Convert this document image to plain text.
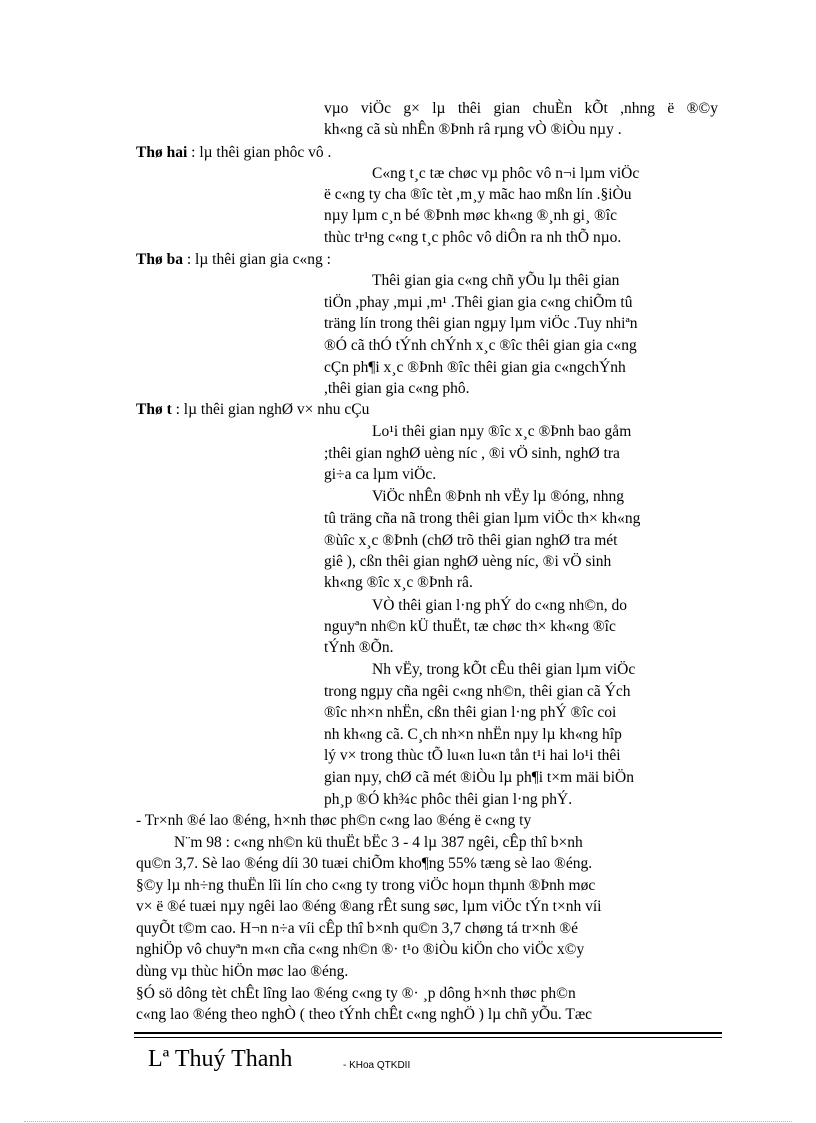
vµo viÖc g× lµ thêi gian chuÈn kÕt ,nhng ë ®©y
kh«ng cã sù nhÊn ®Þnh râ rµng vÒ ®iÒu nµy .
Thø hai : lµ thêi gian phôc vô .
C«ng t¸c tæ chøc vµ phôc vô n¬i lµm viÖc
ë c«ng ty cha ®îc tèt ,m¸y mãc hao mßn lín .§iÒu
nµy lµm c¸n bé ®Þnh møc kh«ng ®¸nh gi¸ ®îc
thùc tr¹ng c«ng t¸c phôc vô diÔn ra nh thÕ nµo.
Thø ba : lµ thêi gian gia c«ng :
Thêi gian gia c«ng chñ yÕu lµ thêi gian
tiÖn ,phay ,mµi ,m¹ .Thêi gian gia c«ng chiÕm tû
träng lín trong thêi gian ngµy lµm viÖc .Tuy nhiªn
®Ó cã thÓ tÝnh chÝnh x¸c ®îc thêi gian gia c«ng
cÇn ph¶i x¸c ®Þnh ®îc thêi gian gia c«ngchÝnh
,thêi gian gia c«ng phô.
Thø t : lµ thêi gian nghØ v× nhu cÇu
Lo¹i thêi gian nµy ®îc x¸c ®Þnh bao gåm
;thêi gian nghØ uèng níc , ®i vÖ sinh, nghØ tra
gi÷a ca lµm viÖc.
ViÖc nhÊn ®Þnh nh vËy lµ ®óng, nhng
tû träng cña nã trong thêi gian lµm viÖc th× kh«ng
®ùîc x¸c ®Þnh (chØ trõ thêi gian nghØ tra mét
giê ), cßn thêi gian nghØ uèng níc, ®i vÖ sinh
kh«ng ®îc x¸c ®Þnh râ.
VÒ thêi gian l·ng phÝ do c«ng nh©n, do
nguyªn nh©n kÜ thuËt, tæ chøc th× kh«ng ®îc
tÝnh ®Õn.
Nh vËy, trong kÕt cÊu thêi gian lµm viÖc
trong ngµy cña ngêi c«ng nh©n, thêi gian cã Ých
®îc nh×n nhËn, cßn thêi gian l·ng phÝ ®îc coi
nh kh«ng cã. C¸ch nh×n nhËn nµy lµ kh«ng hîp
lý v× trong thùc tÕ lu«n lu«n tån t¹i hai lo¹i thêi
gian nµy, chØ cã mét ®iÒu lµ ph¶i t×m mäi biÖn
ph¸p ®Ó kh¾c phôc thêi gian l·ng phÝ.
- Tr×nh ®é lao ®éng, h×nh thøc ph©n c«ng lao ®éng ë c«ng ty
N¨m 98 : c«ng nh©n kü thuËt bËc 3 - 4 lµ 387 ngêi, cÊp thî b×nh
qu©n 3,7. Sè lao ®éng díi 30 tuæi chiÕm kho¶ng 55% tæng sè lao ®éng.
§©y lµ nh÷ng thuËn lîi lín cho c«ng ty trong viÖc hoµn thµnh ®Þnh møc
v× ë ®é tuæi nµy ngêi lao ®éng ®ang rÊt sung søc, lµm viÖc tÝn t×nh víi
quyÕt t©m cao. H¬n n÷a víi cÊp thî b×nh qu©n 3,7 chøng tá tr×nh ®é
nghiÖp vô chuyªn m«n cña c«ng nh©n ®· t¹o ®iÒu kiÖn cho viÖc x©y
dùng vµ thùc hiÖn møc lao ®éng.
§Ó sö dông tèt chÊt lîng lao ®éng c«ng ty ®· ¸p dông h×nh thøc ph©n
c«ng lao ®éng theo nghÒ ( theo tÝnh chÊt c«ng nghÖ ) lµ chñ yÕu. Tæc
Lª Thuý Thanh	- KHoa QTKDII
